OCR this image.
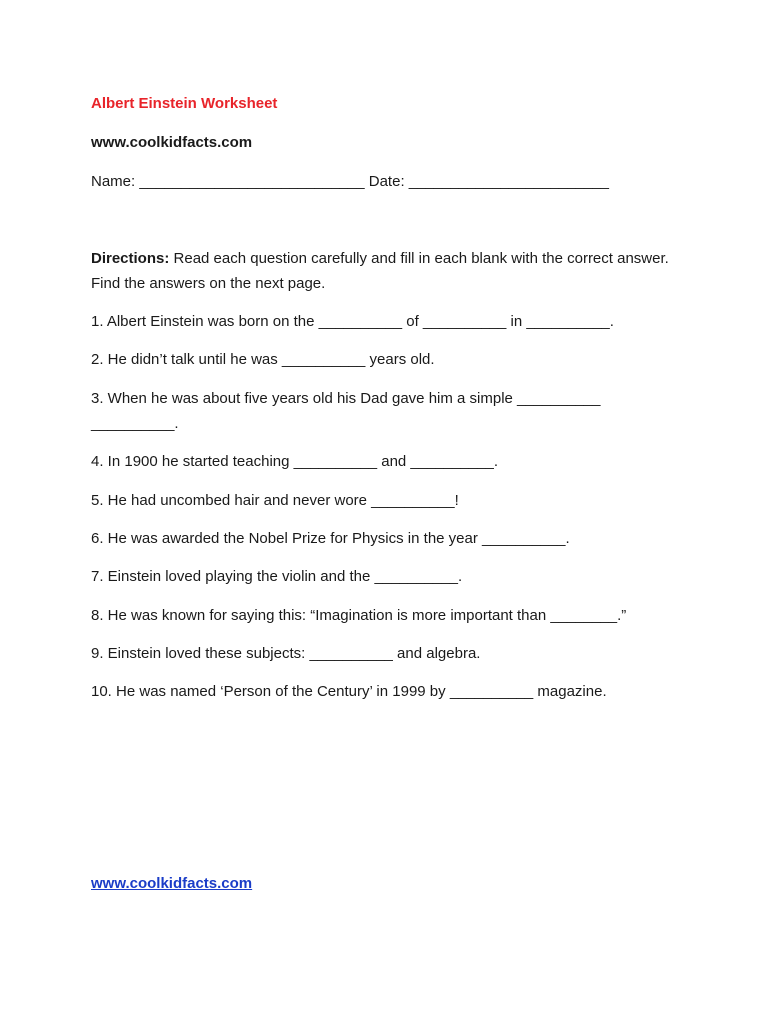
Albert Einstein Worksheet
www.coolkidfacts.com
Name: ___________________________ Date: ________________________
Directions: Read each question carefully and fill in each blank with the correct answer. Find the answers on the next page.
1. Albert Einstein was born on the __________ of __________ in __________.
2. He didn’t talk until he was __________ years old.
3. When he was about five years old his Dad gave him a simple __________
__________.
4. In 1900 he started teaching __________ and __________.
5. He had uncombed hair and never wore __________!
6. He was awarded the Nobel Prize for Physics in the year __________.
7. Einstein loved playing the violin and the __________.
8. He was known for saying this: “Imagination is more important than ________.”
9. Einstein loved these subjects: __________ and algebra.
10. He was named ‘Person of the Century’ in 1999 by __________ magazine.
www.coolkidfacts.com
